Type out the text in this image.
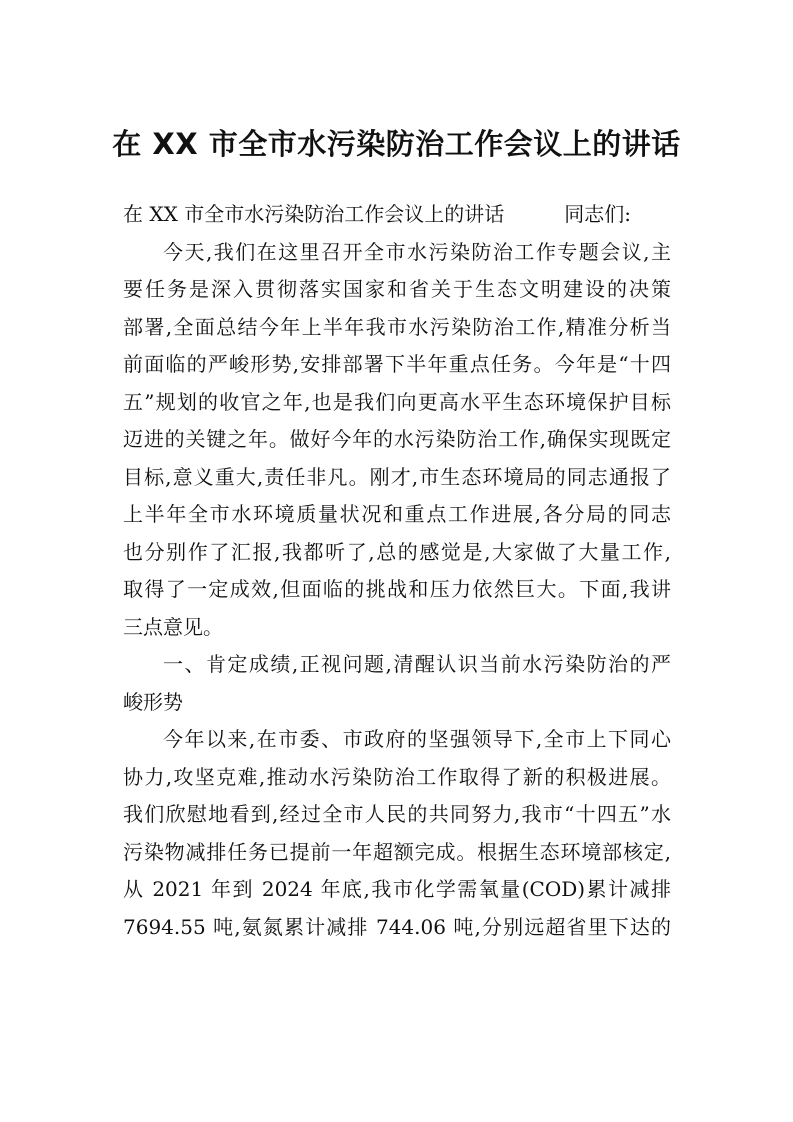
在 XX 市全市水污染防治工作会议上的讲话
在 XX 市全市水污染防治工作会议上的讲话　　　同志们:
今天,我们在这里召开全市水污染防治工作专题会议,主
要任务是深入贯彻落实国家和省关于生态文明建设的决策
部署,全面总结今年上半年我市水污染防治工作,精准分析当
前面临的严峻形势,安排部署下半年重点任务。今年是“十四
五”规划的收官之年,也是我们向更高水平生态环境保护目标
迈进的关键之年。做好今年的水污染防治工作,确保实现既定
目标,意义重大,责任非凡。刚才,市生态环境局的同志通报了
上半年全市水环境质量状况和重点工作进展,各分局的同志
也分别作了汇报,我都听了,总的感觉是,大家做了大量工作,
取得了一定成效,但面临的挑战和压力依然巨大。下面,我讲
三点意见。
一、肯定成绩,正视问题,清醒认识当前水污染防治的严
峻形势
今年以来,在市委、市政府的坚强领导下,全市上下同心
协力,攻坚克难,推动水污染防治工作取得了新的积极进展。
我们欣慰地看到,经过全市人民的共同努力,我市“十四五”水
污染物减排任务已提前一年超额完成。根据生态环境部核定,
从 2021 年到 2024 年底,我市化学需氧量(COD)累计减排
7694.55 吨,氨氮累计减排 744.06 吨,分别远超省里下达的
